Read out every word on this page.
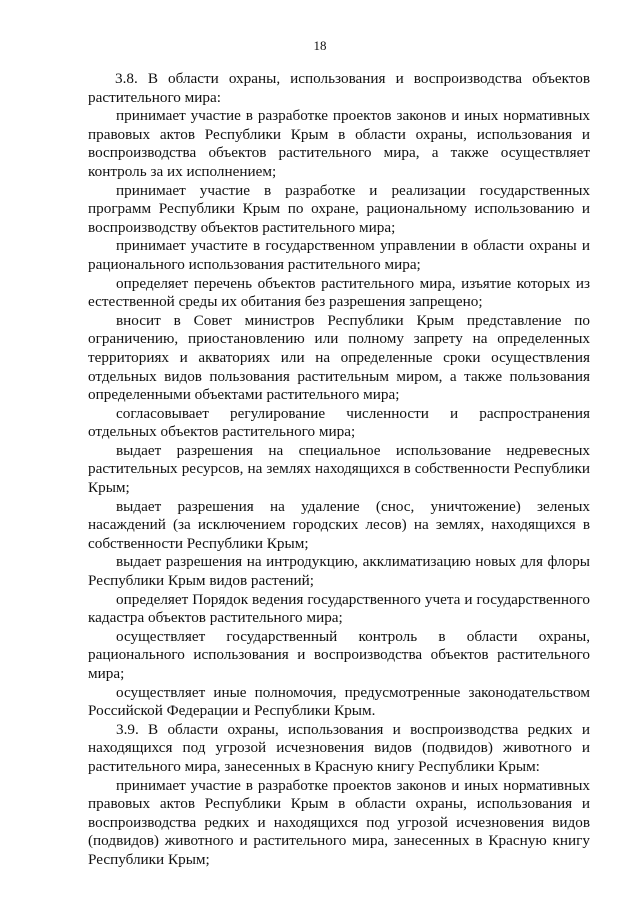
18

3.8. В области охраны, использования и воспроизводства объектов растительного мира:

принимает участие в разработке проектов законов и иных нормативных правовых актов Республики Крым в области охраны, использования и воспроизводства объектов растительного мира, а также осуществляет контроль за их исполнением;

принимает участие в разработке и реализации государственных программ Республики Крым по охране, рациональному использованию и воспроизводству объектов растительного мира;

принимает участите в государственном управлении в области охраны и рационального использования растительного мира;

определяет перечень объектов растительного мира, изъятие которых из естественной среды их обитания без разрешения запрещено;

вносит в Совет министров Республики Крым представление по ограничению, приостановлению или полному запрету на определенных территориях и акваториях или на определенные сроки осуществления отдельных видов пользования растительным миром, а также пользования определенными объектами растительного мира;

согласовывает регулирование численности и распространения отдельных объектов растительного мира;

выдает разрешения на специальное использование недревесных растительных ресурсов, на землях находящихся в собственности Республики Крым;

выдает разрешения на удаление (снос, уничтожение) зеленых насаждений (за исключением городских лесов) на землях, находящихся в собственности Республики Крым;

выдает разрешения на интродукцию, акклиматизацию новых для флоры Республики Крым видов растений;

определяет Порядок ведения государственного учета и государственного кадастра объектов растительного мира;

осуществляет государственный контроль в области охраны, рационального использования и воспроизводства объектов растительного мира;

осуществляет иные полномочия, предусмотренные законодательством Российской Федерации и Республики Крым.

3.9. В области охраны, использования и воспроизводства редких и находящихся под угрозой исчезновения видов (подвидов) животного и растительного мира, занесенных в Красную книгу Республики Крым:

принимает участие в разработке проектов законов и иных нормативных правовых актов Республики Крым в области охраны, использования и воспроизводства редких и находящихся под угрозой исчезновения видов (подвидов) животного и растительного мира, занесенных в Красную книгу Республики Крым;
